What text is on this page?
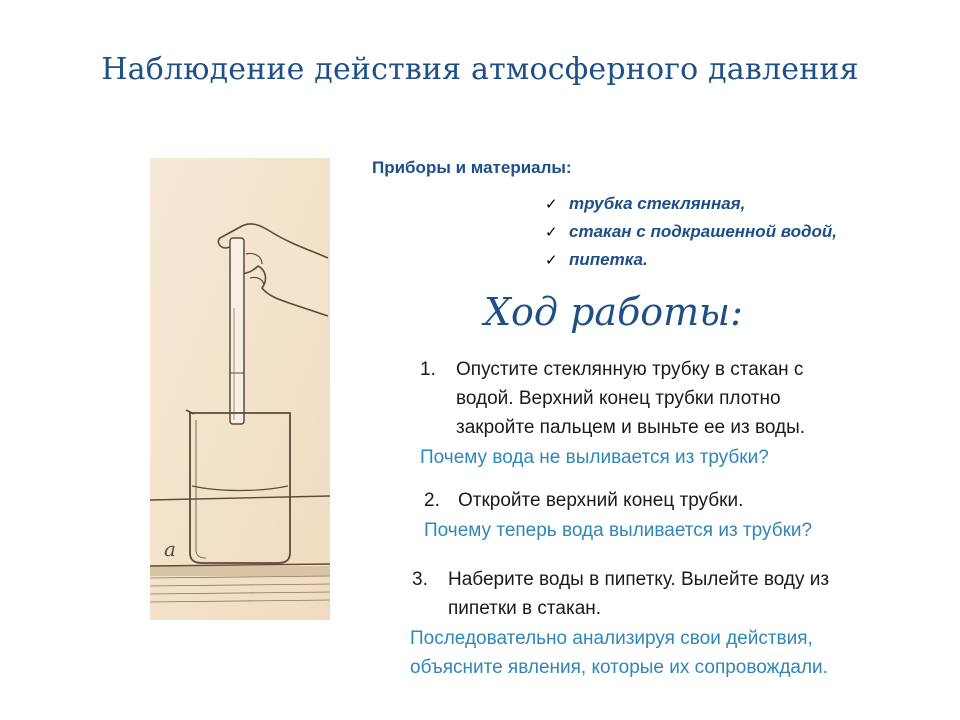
Наблюдение действия атмосферного давления
а
Приборы и материалы:
✓ трубка стеклянная,
✓ стакан с подкрашенной водой,
✓ пипетка.
Ход работы:
1. Опустите стеклянную трубку в стакан с
водой. Верхний конец трубки плотно
закройте пальцем и выньте ее из воды.
Почему вода не выливается из трубки?
2. Откройте верхний конец трубки.
Почему теперь вода выливается из трубки?
3. Наберите воды в пипетку. Вылейте воду из
пипетки в стакан.
Последовательно анализируя свои действия,
объясните явления, которые их сопровождали.
